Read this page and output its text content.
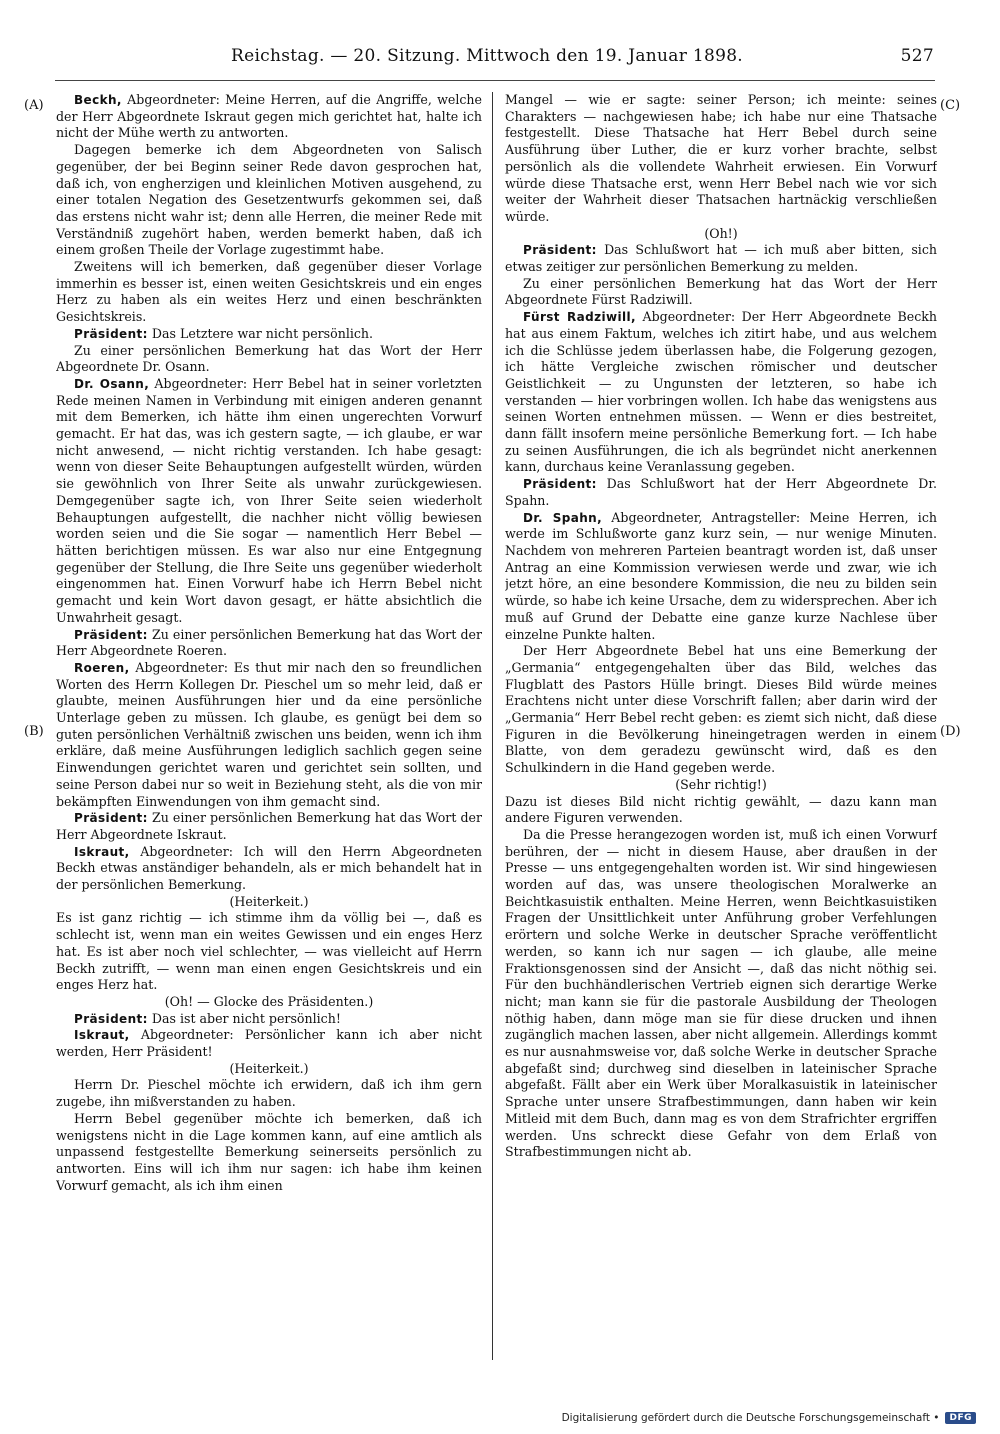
Reichstag. — 20. Sitzung. Mittwoch den 19. Januar 1898.	527
(A)
(B)
(C)
(D)

Beckh, Abgeordneter: Meine Herren, auf die Angriffe, welche der Herr Abgeordnete Iskraut gegen mich gerichtet hat, halte ich nicht der Mühe werth zu antworten.

Dagegen bemerke ich dem Abgeordneten von Salisch gegenüber, der bei Beginn seiner Rede davon gesprochen hat, daß ich, von engherzigen und kleinlichen Motiven ausgehend, zu einer totalen Negation des Gesetzentwurfs gekommen sei, daß das erstens nicht wahr ist; denn alle Herren, die meiner Rede mit Verständniß zugehört haben, werden bemerkt haben, daß ich einem großen Theile der Vorlage zugestimmt habe.

Zweitens will ich bemerken, daß gegenüber dieser Vorlage immerhin es besser ist, einen weiten Gesichtskreis und ein enges Herz zu haben als ein weites Herz und einen beschränkten Gesichtskreis.

Präsident: Das Letztere war nicht persönlich.

Zu einer persönlichen Bemerkung hat das Wort der Herr Abgeordnete Dr. Osann.

Dr. Osann, Abgeordneter: Herr Bebel hat in seiner vorletzten Rede meinen Namen in Verbindung mit einigen anderen genannt mit dem Bemerken, ich hätte ihm einen ungerechten Vorwurf gemacht. Er hat das, was ich gestern sagte, — ich glaube, er war nicht anwesend, — nicht richtig verstanden. Ich habe gesagt: wenn von dieser Seite Behauptungen aufgestellt würden, würden sie gewöhnlich von Ihrer Seite als unwahr zurückgewiesen. Demgegenüber sagte ich, von Ihrer Seite seien wiederholt Behauptungen aufgestellt, die nachher nicht völlig bewiesen worden seien und die Sie sogar — namentlich Herr Bebel — hätten berichtigen müssen. Es war also nur eine Entgegnung gegenüber der Stellung, die Ihre Seite uns gegenüber wiederholt eingenommen hat. Einen Vorwurf habe ich Herrn Bebel nicht gemacht und kein Wort davon gesagt, er hätte absichtlich die Unwahrheit gesagt.

Präsident: Zu einer persönlichen Bemerkung hat das Wort der Herr Abgeordnete Roeren.

Roeren, Abgeordneter: Es thut mir nach den so freundlichen Worten des Herrn Kollegen Dr. Pieschel um so mehr leid, daß er glaubte, meinen Ausführungen hier und da eine persönliche Unterlage geben zu müssen. Ich glaube, es genügt bei dem so guten persönlichen Verhältniß zwischen uns beiden, wenn ich ihm erkläre, daß meine Ausführungen lediglich sachlich gegen seine Einwendungen gerichtet waren und gerichtet sein sollten, und seine Person dabei nur so weit in Beziehung steht, als die von mir bekämpften Einwendungen von ihm gemacht sind.

Präsident: Zu einer persönlichen Bemerkung hat das Wort der Herr Abgeordnete Iskraut.

Iskraut, Abgeordneter: Ich will den Herrn Abgeordneten Beckh etwas anständiger behandeln, als er mich behandelt hat in der persönlichen Bemerkung.

(Heiterkeit.)

Es ist ganz richtig — ich stimme ihm da völlig bei —, daß es schlecht ist, wenn man ein weites Gewissen und ein enges Herz hat. Es ist aber noch viel schlechter, — was vielleicht auf Herrn Beckh zutrifft, — wenn man einen engen Gesichtskreis und ein enges Herz hat.

(Oh! — Glocke des Präsidenten.)

Präsident: Das ist aber nicht persönlich!

Iskraut, Abgeordneter: Persönlicher kann ich aber nicht werden, Herr Präsident!

(Heiterkeit.)

Herrn Dr. Pieschel möchte ich erwidern, daß ich ihm gern zugebe, ihn mißverstanden zu haben.

Herrn Bebel gegenüber möchte ich bemerken, daß ich wenigstens nicht in die Lage kommen kann, auf eine amtlich als unpassend festgestellte Bemerkung seinerseits persönlich zu antworten. Eins will ich ihm nur sagen: ich habe ihm keinen Vorwurf gemacht, als ich ihm einen

Mangel — wie er sagte: seiner Person; ich meinte: seines Charakters — nachgewiesen habe; ich habe nur eine Thatsache festgestellt. Diese Thatsache hat Herr Bebel durch seine Ausführung über Luther, die er kurz vorher brachte, selbst persönlich als die vollendete Wahrheit erwiesen. Ein Vorwurf würde diese Thatsache erst, wenn Herr Bebel nach wie vor sich weiter der Wahrheit dieser Thatsachen hartnäckig verschließen würde.

(Oh!)

Präsident: Das Schlußwort hat — ich muß aber bitten, sich etwas zeitiger zur persönlichen Bemerkung zu melden.

Zu einer persönlichen Bemerkung hat das Wort der Herr Abgeordnete Fürst Radziwill.

Fürst Radziwill, Abgeordneter: Der Herr Abgeordnete Beckh hat aus einem Faktum, welches ich zitirt habe, und aus welchem ich die Schlüsse jedem überlassen habe, die Folgerung gezogen, ich hätte Vergleiche zwischen römischer und deutscher Geistlichkeit — zu Ungunsten der letzteren, so habe ich verstanden — hier vorbringen wollen. Ich habe das wenigstens aus seinen Worten entnehmen müssen. — Wenn er dies bestreitet, dann fällt insofern meine persönliche Bemerkung fort. — Ich habe zu seinen Ausführungen, die ich als begründet nicht anerkennen kann, durchaus keine Veranlassung gegeben.

Präsident: Das Schlußwort hat der Herr Abgeordnete Dr. Spahn.

Dr. Spahn, Abgeordneter, Antragsteller: Meine Herren, ich werde im Schlußworte ganz kurz sein, — nur wenige Minuten. Nachdem von mehreren Parteien beantragt worden ist, daß unser Antrag an eine Kommission verwiesen werde und zwar, wie ich jetzt höre, an eine besondere Kommission, die neu zu bilden sein würde, so habe ich keine Ursache, dem zu widersprechen. Aber ich muß auf Grund der Debatte eine ganze kurze Nachlese über einzelne Punkte halten.

Der Herr Abgeordnete Bebel hat uns eine Bemerkung der „Germania“ entgegengehalten über das Bild, welches das Flugblatt des Pastors Hülle bringt. Dieses Bild würde meines Erachtens nicht unter diese Vorschrift fallen; aber darin wird der „Germania“ Herr Bebel recht geben: es ziemt sich nicht, daß diese Figuren in die Bevölkerung hineingetragen werden in einem Blatte, von dem geradezu gewünscht wird, daß es den Schulkindern in die Hand gegeben werde.

(Sehr richtig!)

Dazu ist dieses Bild nicht richtig gewählt, — dazu kann man andere Figuren verwenden.

Da die Presse herangezogen worden ist, muß ich einen Vorwurf berühren, der — nicht in diesem Hause, aber draußen in der Presse — uns entgegengehalten worden ist. Wir sind hingewiesen worden auf das, was unsere theologischen Moralwerke an Beichtkasuistik enthalten. Meine Herren, wenn Beichtkasuistiken Fragen der Unsittlichkeit unter Anführung grober Verfehlungen erörtern und solche Werke in deutscher Sprache veröffentlicht werden, so kann ich nur sagen — ich glaube, alle meine Fraktionsgenossen sind der Ansicht —, daß das nicht nöthig sei. Für den buchhändlerischen Vertrieb eignen sich derartige Werke nicht; man kann sie für die pastorale Ausbildung der Theologen nöthig haben, dann möge man sie für diese drucken und ihnen zugänglich machen lassen, aber nicht allgemein. Allerdings kommt es nur ausnahmsweise vor, daß solche Werke in deutscher Sprache abgefaßt sind; durchweg sind dieselben in lateinischer Sprache abgefaßt. Fällt aber ein Werk über Moralkasuistik in lateinischer Sprache unter unsere Strafbestimmungen, dann haben wir kein Mitleid mit dem Buch, dann mag es von dem Strafrichter ergriffen werden. Uns schreckt diese Gefahr von dem Erlaß von Strafbestimmungen nicht ab.

Digitalisierung gefördert durch die Deutsche Forschungsgemeinschaft •	DFG
